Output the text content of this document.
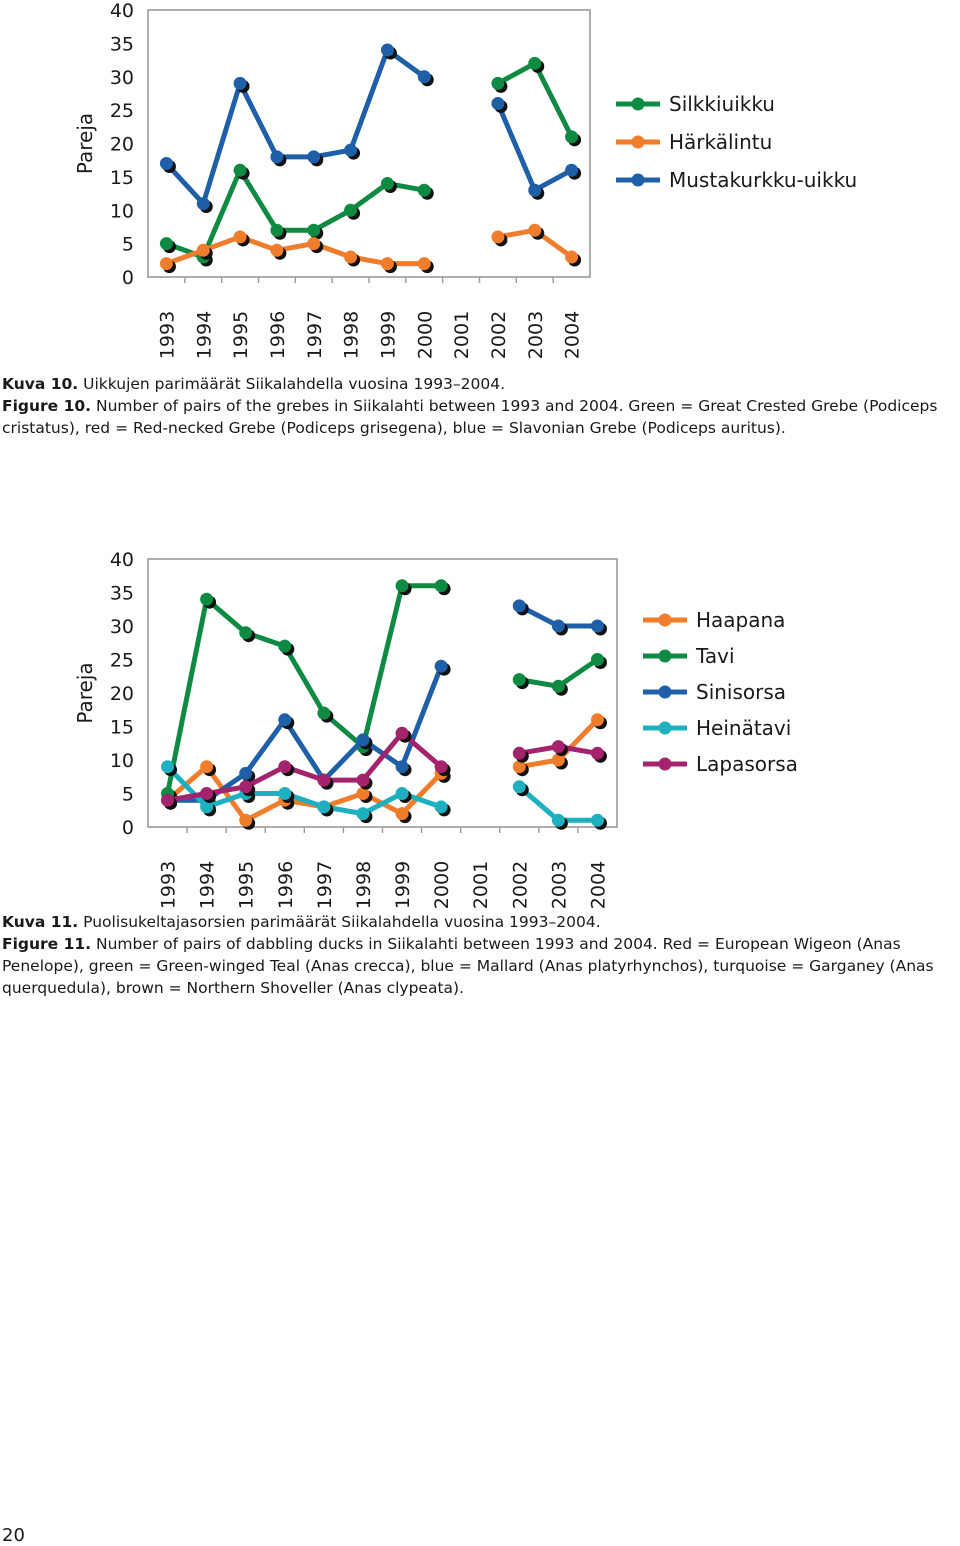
0
5
10
15
20
25
30
35
40
Pareja
1993 1994 1995 1996 1997 1998 1999 2000 2001 2002 2003 2004
Silkkiuikku
Härkälintu
Mustakurkku-uikku

Kuva 10. Uikkujen parimäärät Siikalahdella vuosina 1993–2004.

Figure 10. Number of pairs of the grebes in Siikalahti between 1993 and 2004. Green = Great Crested Grebe (Podiceps cristatus), red = Red-necked Grebe (Podiceps grisegena), blue = Slavonian Grebe (Podiceps auritus).

0
5
10
15
20
25
30
35
40
Pareja
1993 1994 1995 1996 1997 1998 1999 2000 2001 2002 2003 2004
Haapana
Tavi
Sinisorsa
Heinätavi
Lapasorsa

Kuva 11. Puolisukeltajasorsien parimäärät Siikalahdella vuosina 1993–2004.

Figure 11. Number of pairs of dabbling ducks in Siikalahti between 1993 and 2004. Red = European Wigeon (Anas Penelope), green = Green-winged Teal (Anas crecca), blue = Mallard (Anas platyrhynchos), turquoise = Garganey (Anas querquedula), brown = Northern Shoveller (Anas clypeata).

20
